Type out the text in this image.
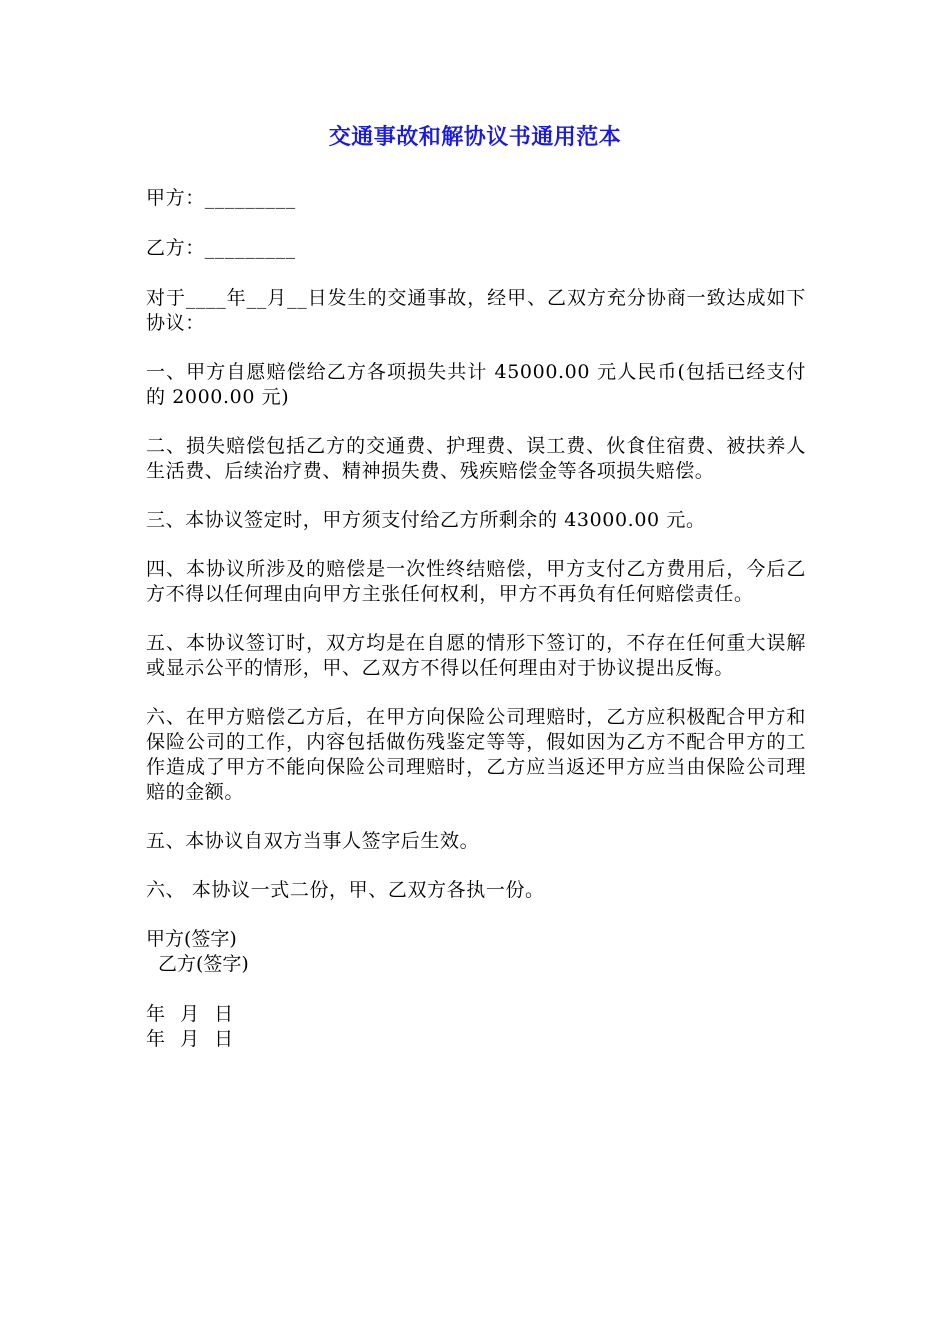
交通事故和解协议书通用范本

甲方：_________

乙方：_________

对于____年__月__日发生的交通事故，经甲、乙双方充分协商一致达成如下协议：

一、甲方自愿赔偿给乙方各项损失共计 45000.00 元人民币(包括已经支付的 2000.00 元)

二、损失赔偿包括乙方的交通费、护理费、误工费、伙食住宿费、被扶养人生活费、后续治疗费、精神损失费、残疾赔偿金等各项损失赔偿。

三、本协议签定时，甲方须支付给乙方所剩余的 43000.00 元。

四、本协议所涉及的赔偿是一次性终结赔偿，甲方支付乙方费用后，今后乙方不得以任何理由向甲方主张任何权利，甲方不再负有任何赔偿责任。

五、本协议签订时，双方均是在自愿的情形下签订的，不存在任何重大误解或显示公平的情形，甲、乙双方不得以任何理由对于协议提出反悔。

六、在甲方赔偿乙方后，在甲方向保险公司理赔时，乙方应积极配合甲方和保险公司的工作，内容包括做伤残鉴定等等，假如因为乙方不配合甲方的工作造成了甲方不能向保险公司理赔时，乙方应当返还甲方应当由保险公司理赔的金额。

五、本协议自双方当事人签字后生效。

六、 本协议一式二份，甲、乙双方各执一份。

甲方(签字)

乙方(签字)

年  月  日

年  月  日
